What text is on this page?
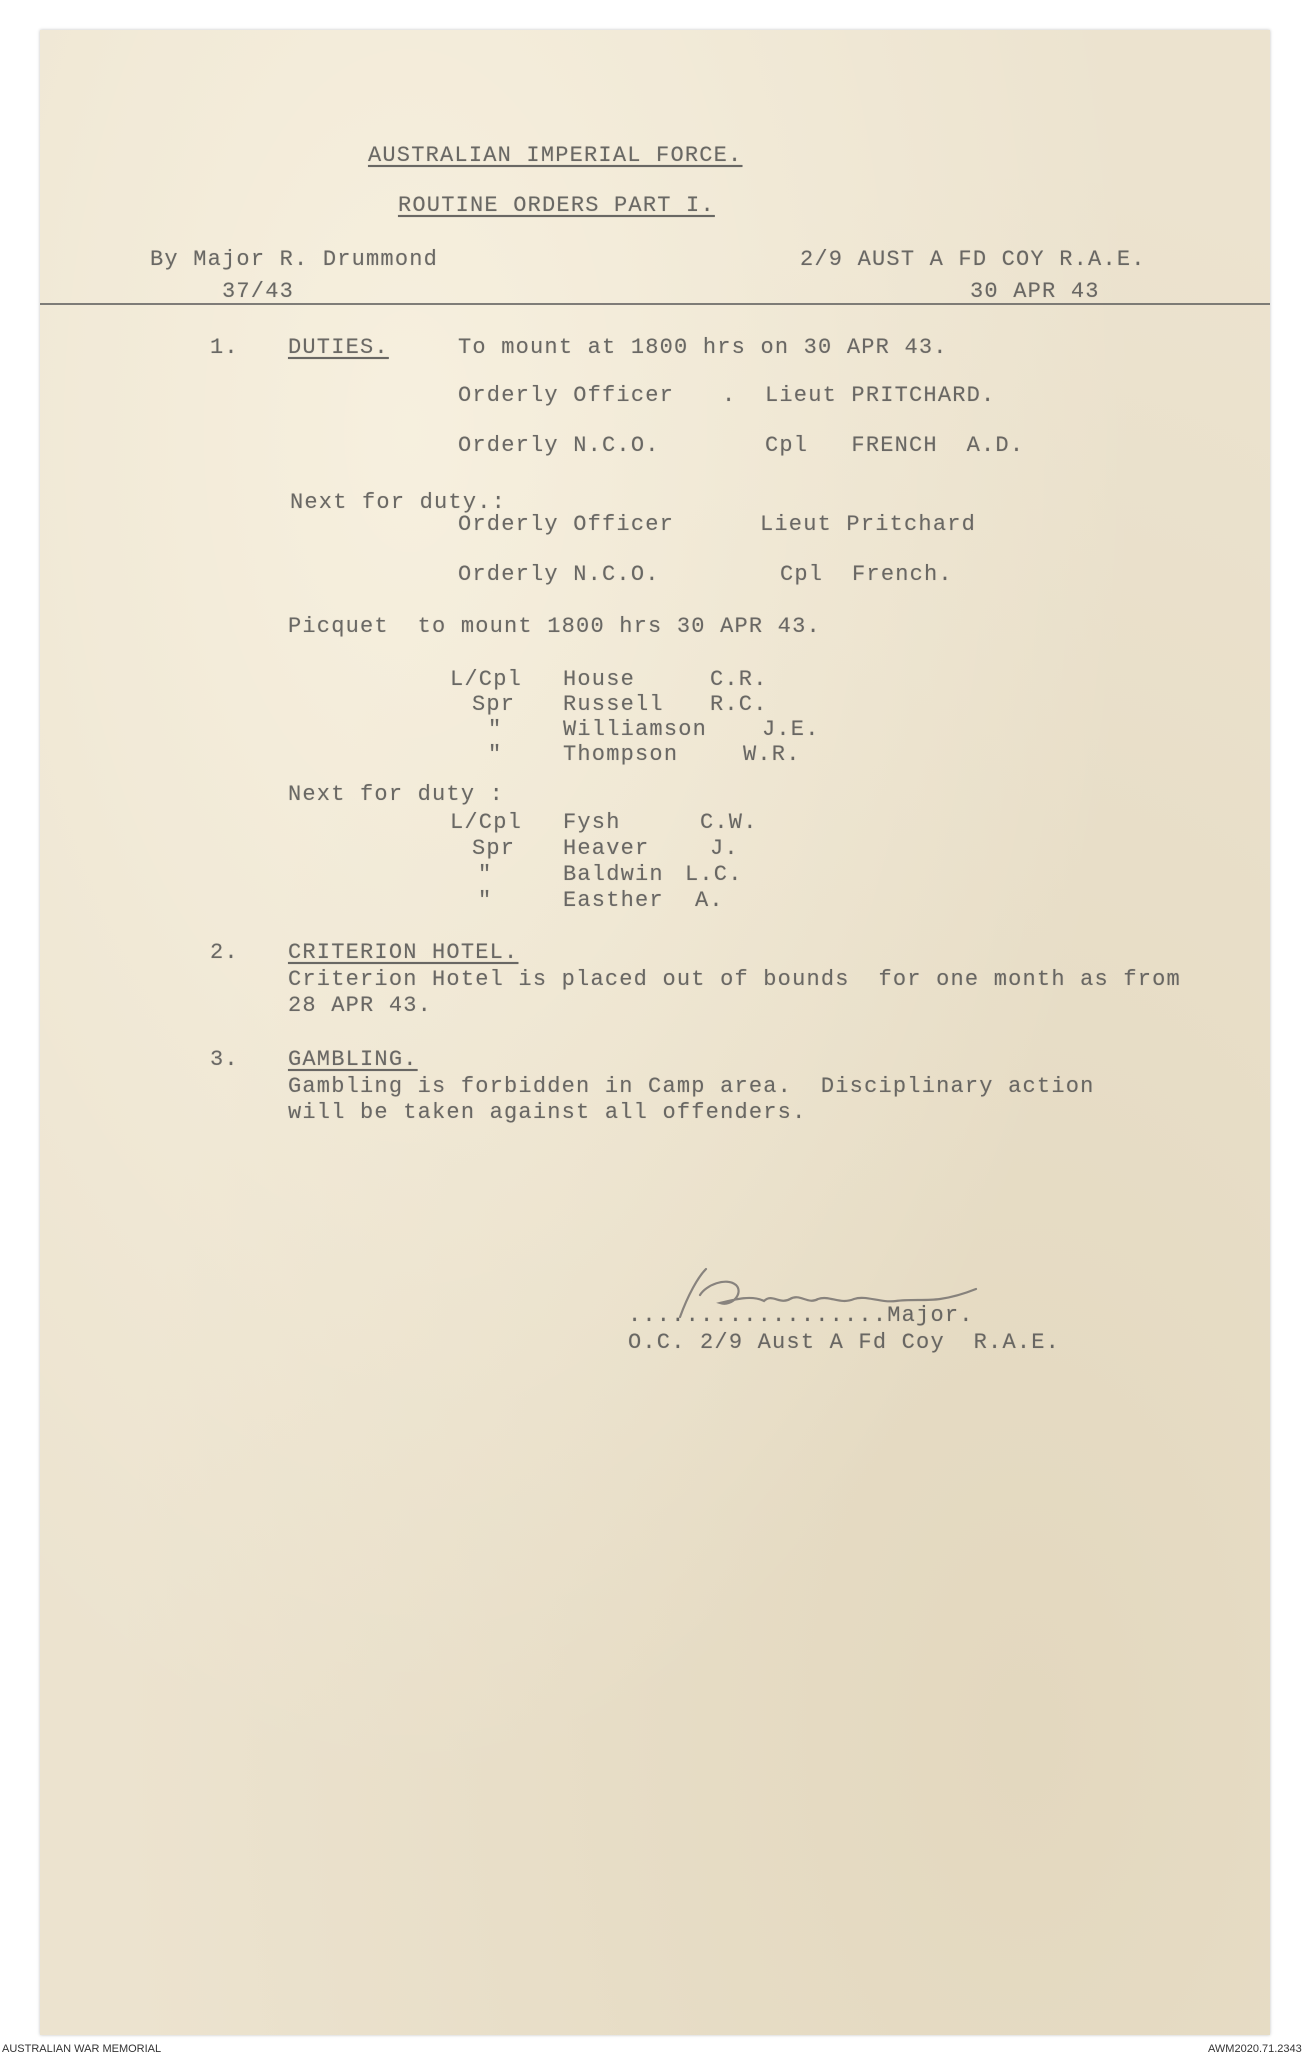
AUSTRALIAN IMPERIAL FORCE.
ROUTINE ORDERS PART I.
By Major R. Drummond
37/43
2/9 AUST A FD COY R.A.E.
30 APR 43
1. DUTIES.	To mount at 1800 hrs on 30 APR 43.
Orderly Officer . Lieut PRITCHARD.
Orderly N.C.O.	Cpl   FRENCH  A.D.
Next for duty.:
Orderly Officer	Lieut Pritchard
Orderly N.C.O.	Cpl  French.
Picquet  to mount 1800 hrs 30 APR 43.
L/Cpl House	C.R.
Spr Russell R.C.
"	Williamson J.E.
"	Thompson	W.R.
Next for duty :
L/Cpl Fysh	C.W.
Spr Heaver	J.
"	Baldwin L.C.
"	Easther A.
2. CRITERION HOTEL.
Criterion Hotel is placed out of bounds  for one month as from
28 APR 43.
3. GAMBLING.
Gambling is forbidden in Camp area.  Disciplinary action
will be taken against all offenders.
..................Major.
O.C. 2/9 Aust A Fd Coy  R.A.E.
AUSTRALIAN WAR MEMORIAL	AWM2020.71.2343
